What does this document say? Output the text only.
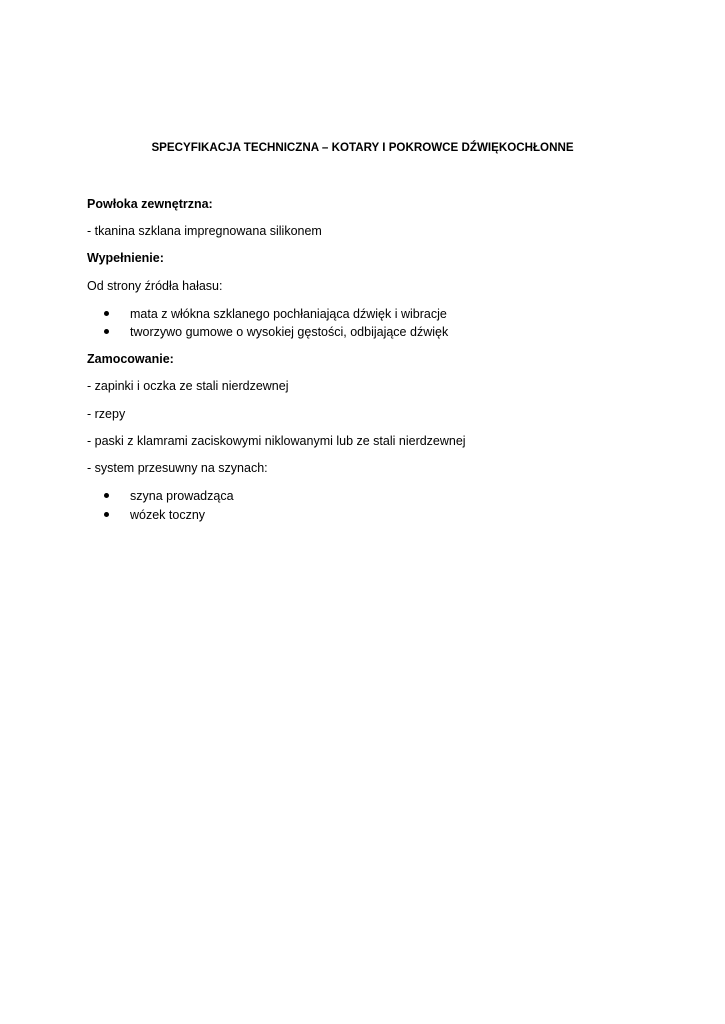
SPECYFIKACJA TECHNICZNA – KOTARY I POKROWCE DŹWIĘKOCHŁONNE
Powłoka zewnętrzna:
- tkanina szklana impregnowana silikonem
Wypełnienie:
Od strony źródła hałasu:
mata z włókna szklanego pochłaniająca dźwięk i wibracje
tworzywo gumowe o wysokiej gęstości, odbijające dźwięk
Zamocowanie:
- zapinki i oczka ze stali nierdzewnej
- rzepy
- paski z klamrami zaciskowymi niklowanymi lub ze stali nierdzewnej
- system przesuwny na szynach:
szyna prowadząca
wózek toczny
